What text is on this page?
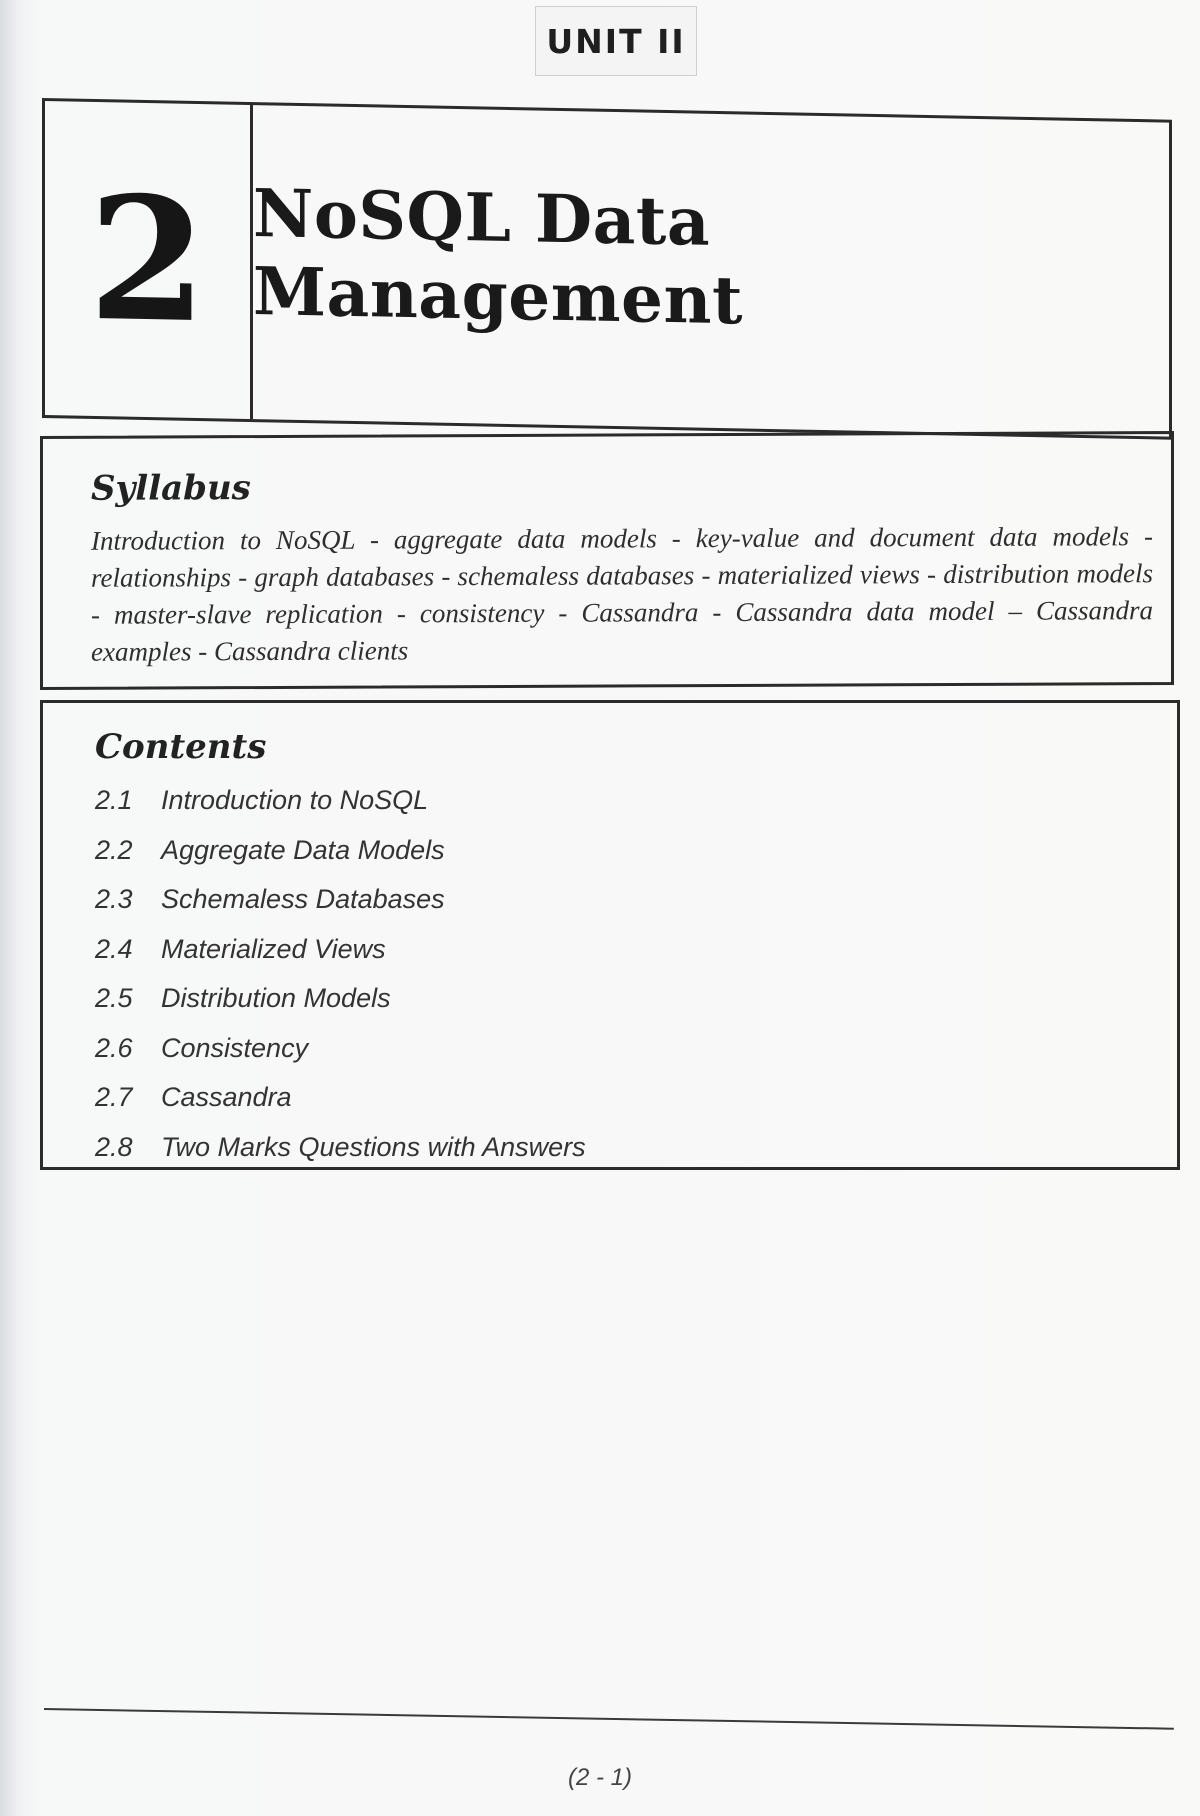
UNIT II
2 NoSQL Data Management
Syllabus

Introduction to NoSQL - aggregate data models - key-value and document data models - relationships - graph databases - schemaless databases - materialized views - distribution models - master-slave replication - consistency - Cassandra - Cassandra data model – Cassandra examples - Cassandra clients

Contents
2.1	Introduction to NoSQL
2.2	Aggregate Data Models
2.3	Schemaless Databases
2.4	Materialized Views
2.5	Distribution Models
2.6	Consistency
2.7	Cassandra
2.8	Two Marks Questions with Answers
(2 - 1)
